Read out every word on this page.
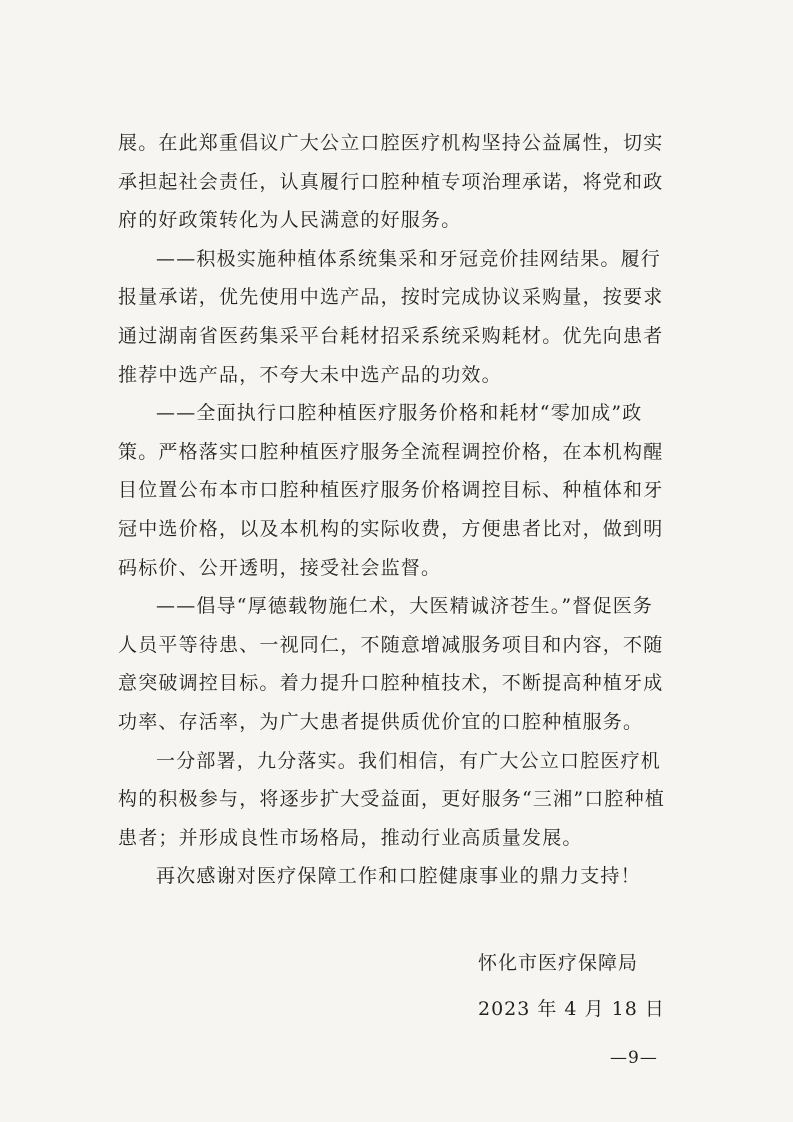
展。在此郑重倡议广大公立口腔医疗机构坚持公益属性，切实
承担起社会责任，认真履行口腔种植专项治理承诺，将党和政
府的好政策转化为人民满意的好服务。
——积极实施种植体系统集采和牙冠竞价挂网结果。履行
报量承诺，优先使用中选产品，按时完成协议采购量，按要求
通过湖南省医药集采平台耗材招采系统采购耗材。优先向患者
推荐中选产品，不夸大未中选产品的功效。
——全面执行口腔种植医疗服务价格和耗材“零加成”政
策。严格落实口腔种植医疗服务全流程调控价格，在本机构醒
目位置公布本市口腔种植医疗服务价格调控目标、种植体和牙
冠中选价格，以及本机构的实际收费，方便患者比对，做到明
码标价、公开透明，接受社会监督。
——倡导“厚德载物施仁术，大医精诚济苍生。”督促医务
人员平等待患、一视同仁，不随意增减服务项目和内容，不随
意突破调控目标。着力提升口腔种植技术，不断提高种植牙成
功率、存活率，为广大患者提供质优价宜的口腔种植服务。
一分部署，九分落实。我们相信，有广大公立口腔医疗机
构的积极参与，将逐步扩大受益面，更好服务“三湘”口腔种植
患者；并形成良性市场格局，推动行业高质量发展。
再次感谢对医疗保障工作和口腔健康事业的鼎力支持！
怀化市医疗保障局
2023 年 4 月 18 日
—9—
